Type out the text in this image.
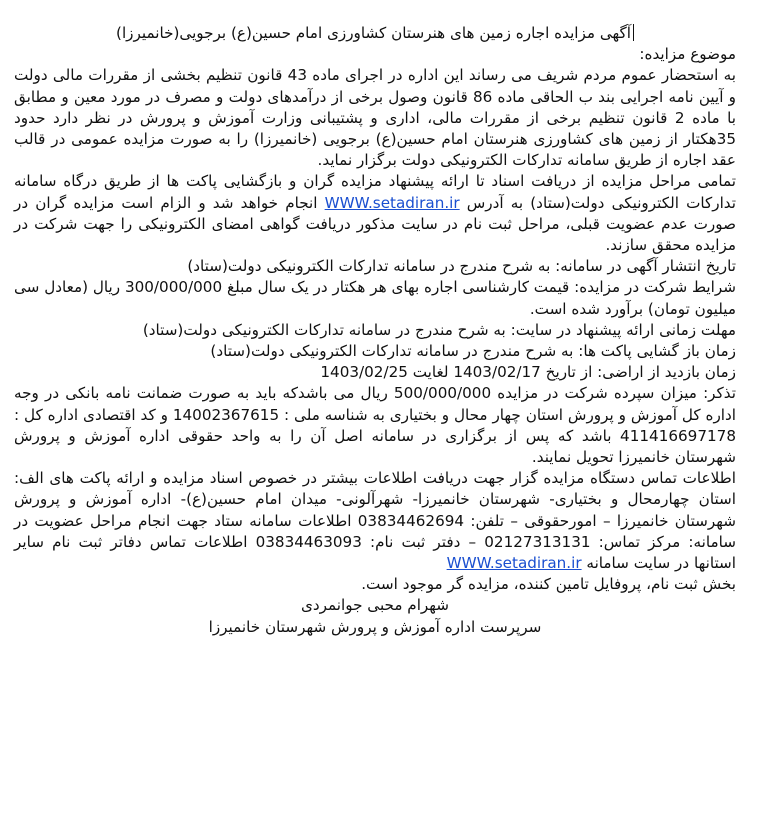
آگهی مزایده اجاره زمین های هنرستان کشاورزی امام حسین(ع) برجویی(خانمیرزا)
موضوع مزایده:
به استحضار عموم مردم شریف می رساند این اداره در اجرای ماده 43 قانون تنظیم بخشی از مقررات مالی دولت و آیین نامه اجرایی بند ب الحاقی ماده 86 قانون وصول برخی از درآمدهای دولت و مصرف در مورد معین و مطابق با ماده 2 قانون تنظیم برخی از مقررات مالی، اداری و پشتیبانی وزارت آموزش و پرورش در نظر دارد حدود 35هکتار از زمین های کشاورزی هنرستان امام حسین(ع) برجویی (خانمیرزا) را به صورت مزایده عمومی در قالب عقد اجاره از طریق سامانه تدارکات الکترونیکی دولت برگزار نماید.
تمامی مراحل مزایده از دریافت اسناد تا ارائه پیشنهاد مزایده گران و بازگشایی پاکت ها از طریق درگاه سامانه تدارکات الکترونیکی دولت(ستاد) به آدرس WWW.setadiran.ir انجام خواهد شد و الزام است مزایده گران در صورت عدم عضویت قبلی، مراحل ثبت نام در سایت مذکور دریافت گواهی امضای الکترونیکی را جهت شرکت در مزایده محقق سازند.
تاریخ انتشار آگهی در سامانه: به شرح مندرج در سامانه تدارکات الکترونیکی دولت(ستاد)
شرایط شرکت در مزایده: قیمت کارشناسی اجاره بهای هر هکتار در یک سال مبلغ 300/000/000 ریال (معادل سی میلیون تومان) برآورد شده است.
مهلت زمانی ارائه پیشنهاد در سایت: به شرح مندرج در سامانه تدارکات الکترونیکی دولت(ستاد)
زمان باز گشایی پاکت ها: به شرح مندرج در سامانه تدارکات الکترونیکی دولت(ستاد)
زمان بازدید از اراضی: از تاریخ 1403/02/17 لغایت 1403/02/25
تذکر: میزان سپرده شرکت در مزایده 500/000/000 ریال می باشدکه باید به صورت ضمانت نامه بانکی در وجه اداره کل آموزش و پرورش استان چهار محال و بختیاری به شناسه ملی : 14002367615 و کد اقتصادی اداره کل : 411416697178 باشد که پس از برگزاری در سامانه اصل آن را به واحد حقوقی اداره آموزش و پرورش شهرستان خانمیرزا تحویل نمایند.
اطلاعات تماس دستگاه مزایده گزار جهت دریافت اطلاعات بیشتر در خصوص اسناد مزایده و ارائه پاکت های الف: استان چهارمحال و بختیاری- شهرستان خانمیرزا- شهرآلونی- میدان امام حسین(ع)- اداره آموزش و پرورش شهرستان خانمیرزا – امورحقوقی – تلفن: 03834462694 اطلاعات سامانه ستاد جهت انجام مراحل عضویت در سامانه: مرکز تماس: 02127313131 – دفتر ثبت نام: 03834463093 اطلاعات تماس دفاتر ثبت نام سایر استانها در سایت سامانه WWW.setadiran.ir
بخش ثبت نام، پروفایل تامین کننده، مزایده گر موجود است.
شهرام محبی جوانمردی
سرپرست اداره آموزش و پرورش شهرستان خانمیرزا
